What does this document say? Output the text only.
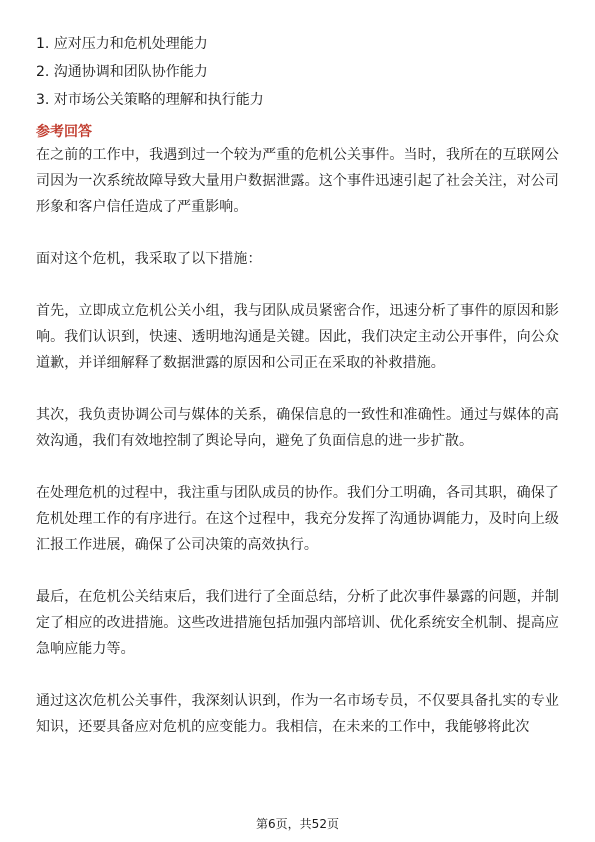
1. 应对压力和危机处理能力
2. 沟通协调和团队协作能力
3. 对市场公关策略的理解和执行能力
参考回答

在之前的工作中，我遇到过一个较为严重的危机公关事件。当时，我所在的互联网公司因为一次系统故障导致大量用户数据泄露。这个事件迅速引起了社会关注，对公司形象和客户信任造成了严重影响。

面对这个危机，我采取了以下措施：

首先，立即成立危机公关小组，我与团队成员紧密合作，迅速分析了事件的原因和影响。我们认识到，快速、透明地沟通是关键。因此，我们决定主动公开事件，向公众道歉，并详细解释了数据泄露的原因和公司正在采取的补救措施。

其次，我负责协调公司与媒体的关系，确保信息的一致性和准确性。通过与媒体的高效沟通，我们有效地控制了舆论导向，避免了负面信息的进一步扩散。

在处理危机的过程中，我注重与团队成员的协作。我们分工明确，各司其职，确保了危机处理工作的有序进行。在这个过程中，我充分发挥了沟通协调能力，及时向上级汇报工作进展，确保了公司决策的高效执行。

最后，在危机公关结束后，我们进行了全面总结，分析了此次事件暴露的问题，并制定了相应的改进措施。这些改进措施包括加强内部培训、优化系统安全机制、提高应急响应能力等。

通过这次危机公关事件，我深刻认识到，作为一名市场专员，不仅要具备扎实的专业知识，还要具备应对危机的应变能力。我相信，在未来的工作中，我能够将此次

第6页，共52页
